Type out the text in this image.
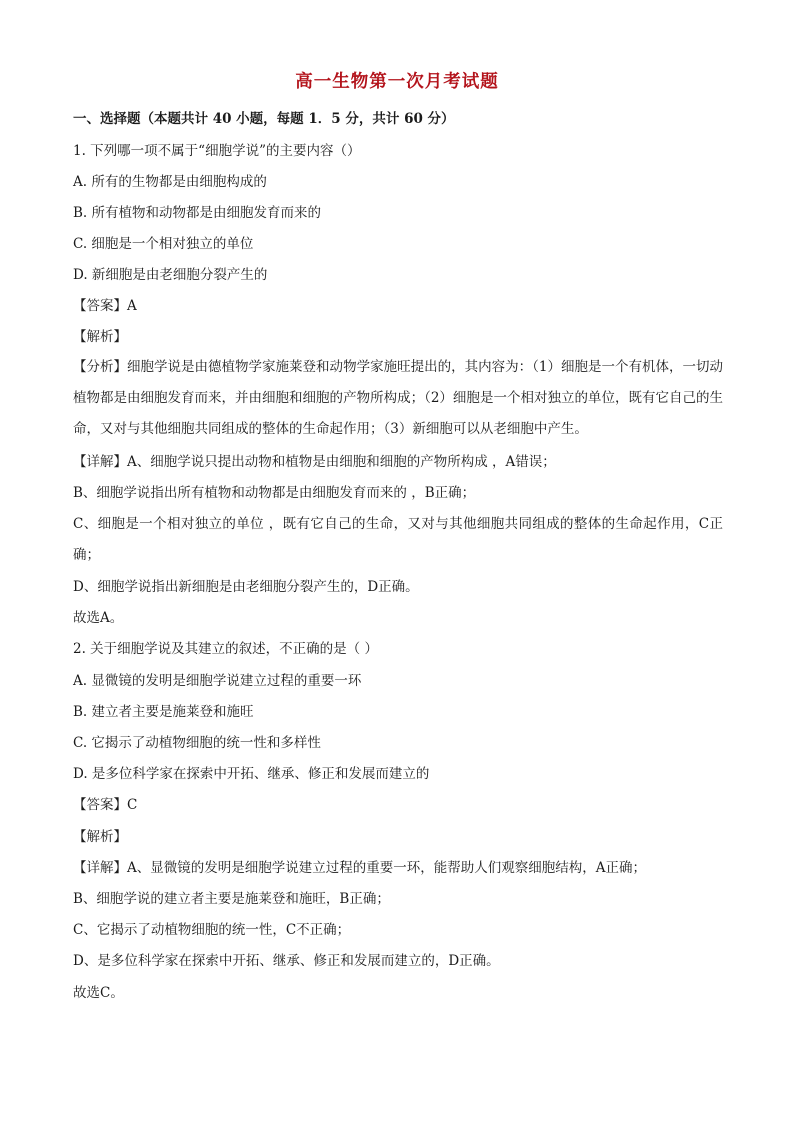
高一生物第一次月考试题
一、选择题（本题共计 40 小题，每题 1．5 分，共计 60 分）
1. 下列哪一项不属于“细胞学说”的主要内容（）
A. 所有的生物都是由细胞构成的
B. 所有植物和动物都是由细胞发育而来的
C. 细胞是一个相对独立的单位
D. 新细胞是由老细胞分裂产生的
【答案】A
【解析】
【分析】细胞学说是由德植物学家施莱登和动物学家施旺提出的，其内容为：（1）细胞是一个有机体，一切动植物都是由细胞发育而来，并由细胞和细胞的产物所构成；（2）细胞是一个相对独立的单位，既有它自己的生命，又对与其他细胞共同组成的整体的生命起作用；（3）新细胞可以从老细胞中产生。
【详解】A、细胞学说只提出动物和植物是由细胞和细胞的产物所构成 ，A错误；
B、细胞学说指出所有植物和动物都是由细胞发育而来的 ，B正确；
C、细胞是一个相对独立的单位 ，既有它自己的生命，又对与其他细胞共同组成的整体的生命起作用，C正确；
D、细胞学说指出新细胞是由老细胞分裂产生的，D正确。
故选A。
2. 关于细胞学说及其建立的叙述，不正确的是（ ）
A. 显微镜的发明是细胞学说建立过程的重要一环
B. 建立者主要是施莱登和施旺
C. 它揭示了动植物细胞的统一性和多样性
D. 是多位科学家在探索中开拓、继承、修正和发展而建立的
【答案】C
【解析】
【详解】A、显微镜的发明是细胞学说建立过程的重要一环，能帮助人们观察细胞结构，A正确；
B、细胞学说的建立者主要是施莱登和施旺，B正确；
C、它揭示了动植物细胞的统一性，C不正确；
D、是多位科学家在探索中开拓、继承、修正和发展而建立的，D正确。
故选C。
